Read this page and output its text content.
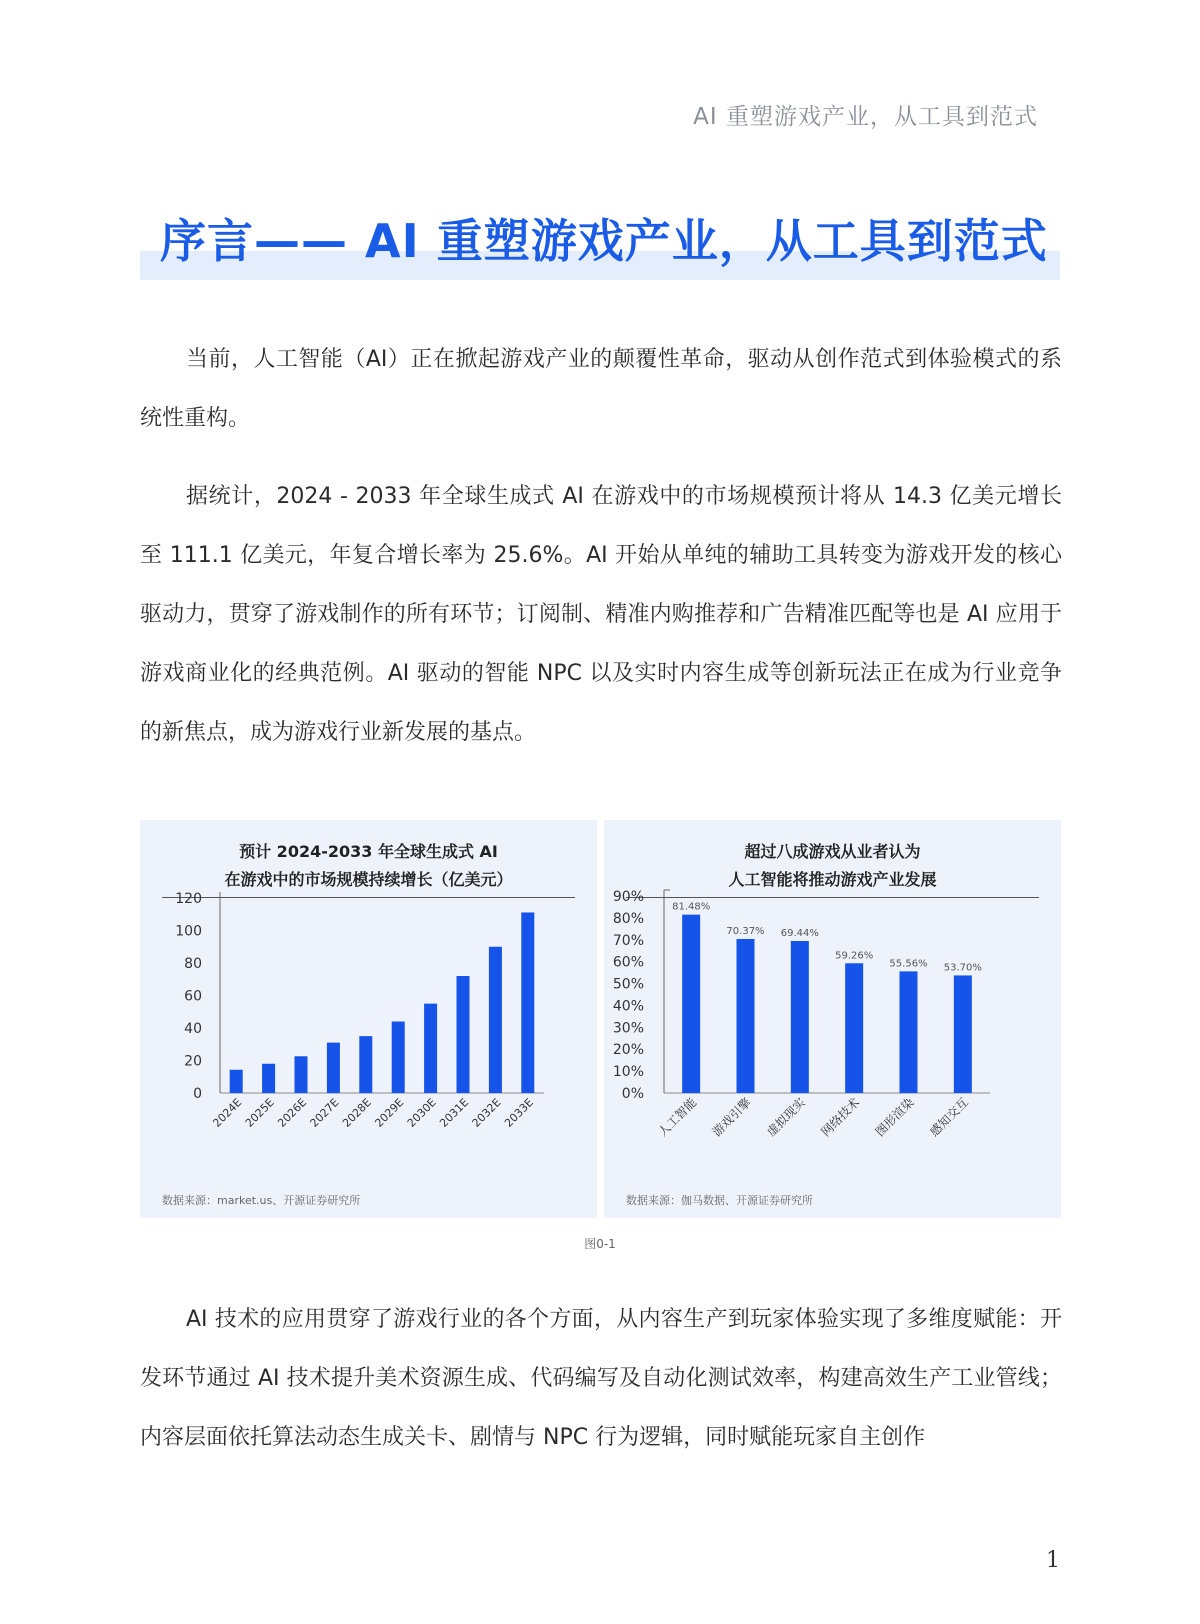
AI 重塑游戏产业，从工具到范式
序言—— AI 重塑游戏产业，从工具到范式

当前，人工智能（AI）正在掀起游戏产业的颠覆性革命，驱动从创作范式到体验模式的系统性重构。

据统计，2024 - 2033 年全球生成式 AI 在游戏中的市场规模预计将从 14.3 亿美元增长至 111.1 亿美元，年复合增长率为 25.6%。AI 开始从单纯的辅助工具转变为游戏开发的核心驱动力，贯穿了游戏制作的所有环节；订阅制、精准内购推荐和广告精准匹配等也是 AI 应用于游戏商业化的经典范例。AI 驱动的智能 NPC 以及实时内容生成等创新玩法正在成为行业竞争的新焦点，成为游戏行业新发展的基点。

预计 2024-2033 年全球生成式 AI
在游戏中的市场规模持续增长（亿美元）
0
20
40
60
80
100
120
2024E
2025E
2026E
2027E
2028E
2029E
2030E
2031E
2032E
2033E
数据来源：market.us、开源证券研究所
超过八成游戏从业者认为
人工智能将推动游戏产业发展
0%
10%
20%
30%
40%
50%
60%
70%
80%
90%
81.48%
人工智能
70.37%
游戏引擎
69.44%
虚拟现实
59.26%
网络技术
55.56%
图形渲染
53.70%
感知交互
数据来源：伽马数据、开源证券研究所
图0-1

AI 技术的应用贯穿了游戏行业的各个方面，从内容生产到玩家体验实现了多维度赋能：开发环节通过 AI 技术提升美术资源生成、代码编写及自动化测试效率，构建高效生产工业管线；内容层面依托算法动态生成关卡、剧情与 NPC 行为逻辑，同时赋能玩家自主创作

1
